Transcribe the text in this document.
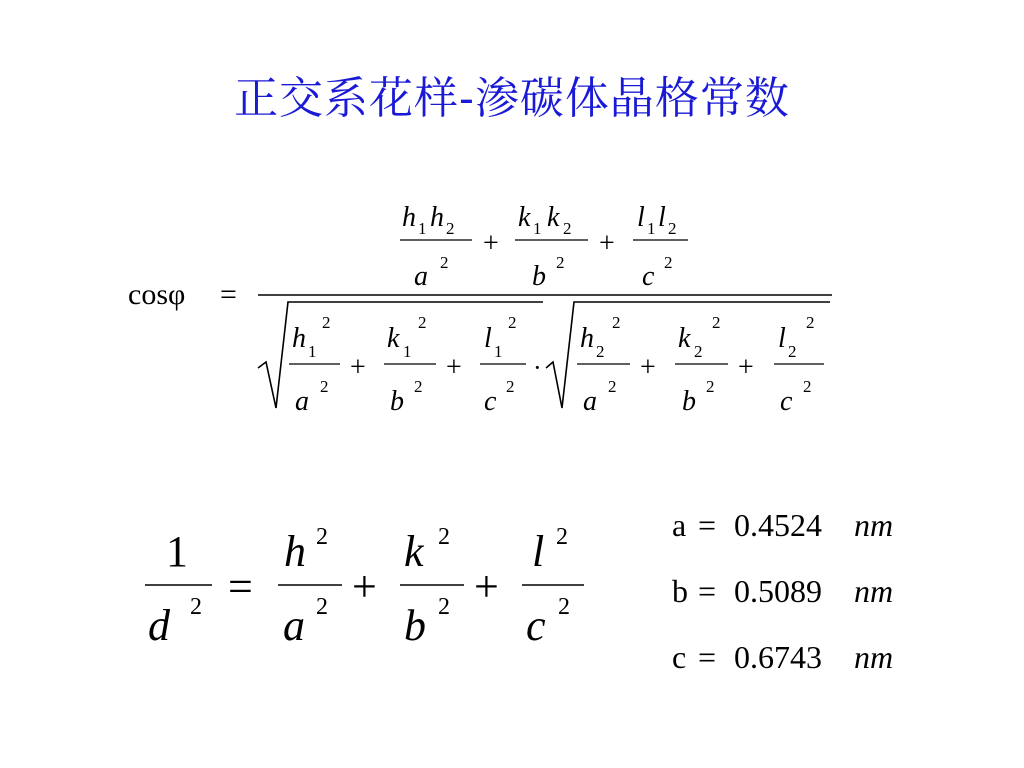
正交系花样-渗碳体晶格常数
cosφ =
h 1 h 2
a 2
+
k 1 k 2
b 2
+
l 1 l 2
c 2
h 1
2
a 2
+
k 1
2
b 2
+
l 1
2
c 2
·
h 2
2
a 2
+
k 2
2
b 2
+
l 2
2
c 2
1
d 2 =
h 2
a 2 +
k 2
b 2 +
l 2
c 2
a = 0.4524 nm
b = 0.5089 nm
c = 0.6743 nm
